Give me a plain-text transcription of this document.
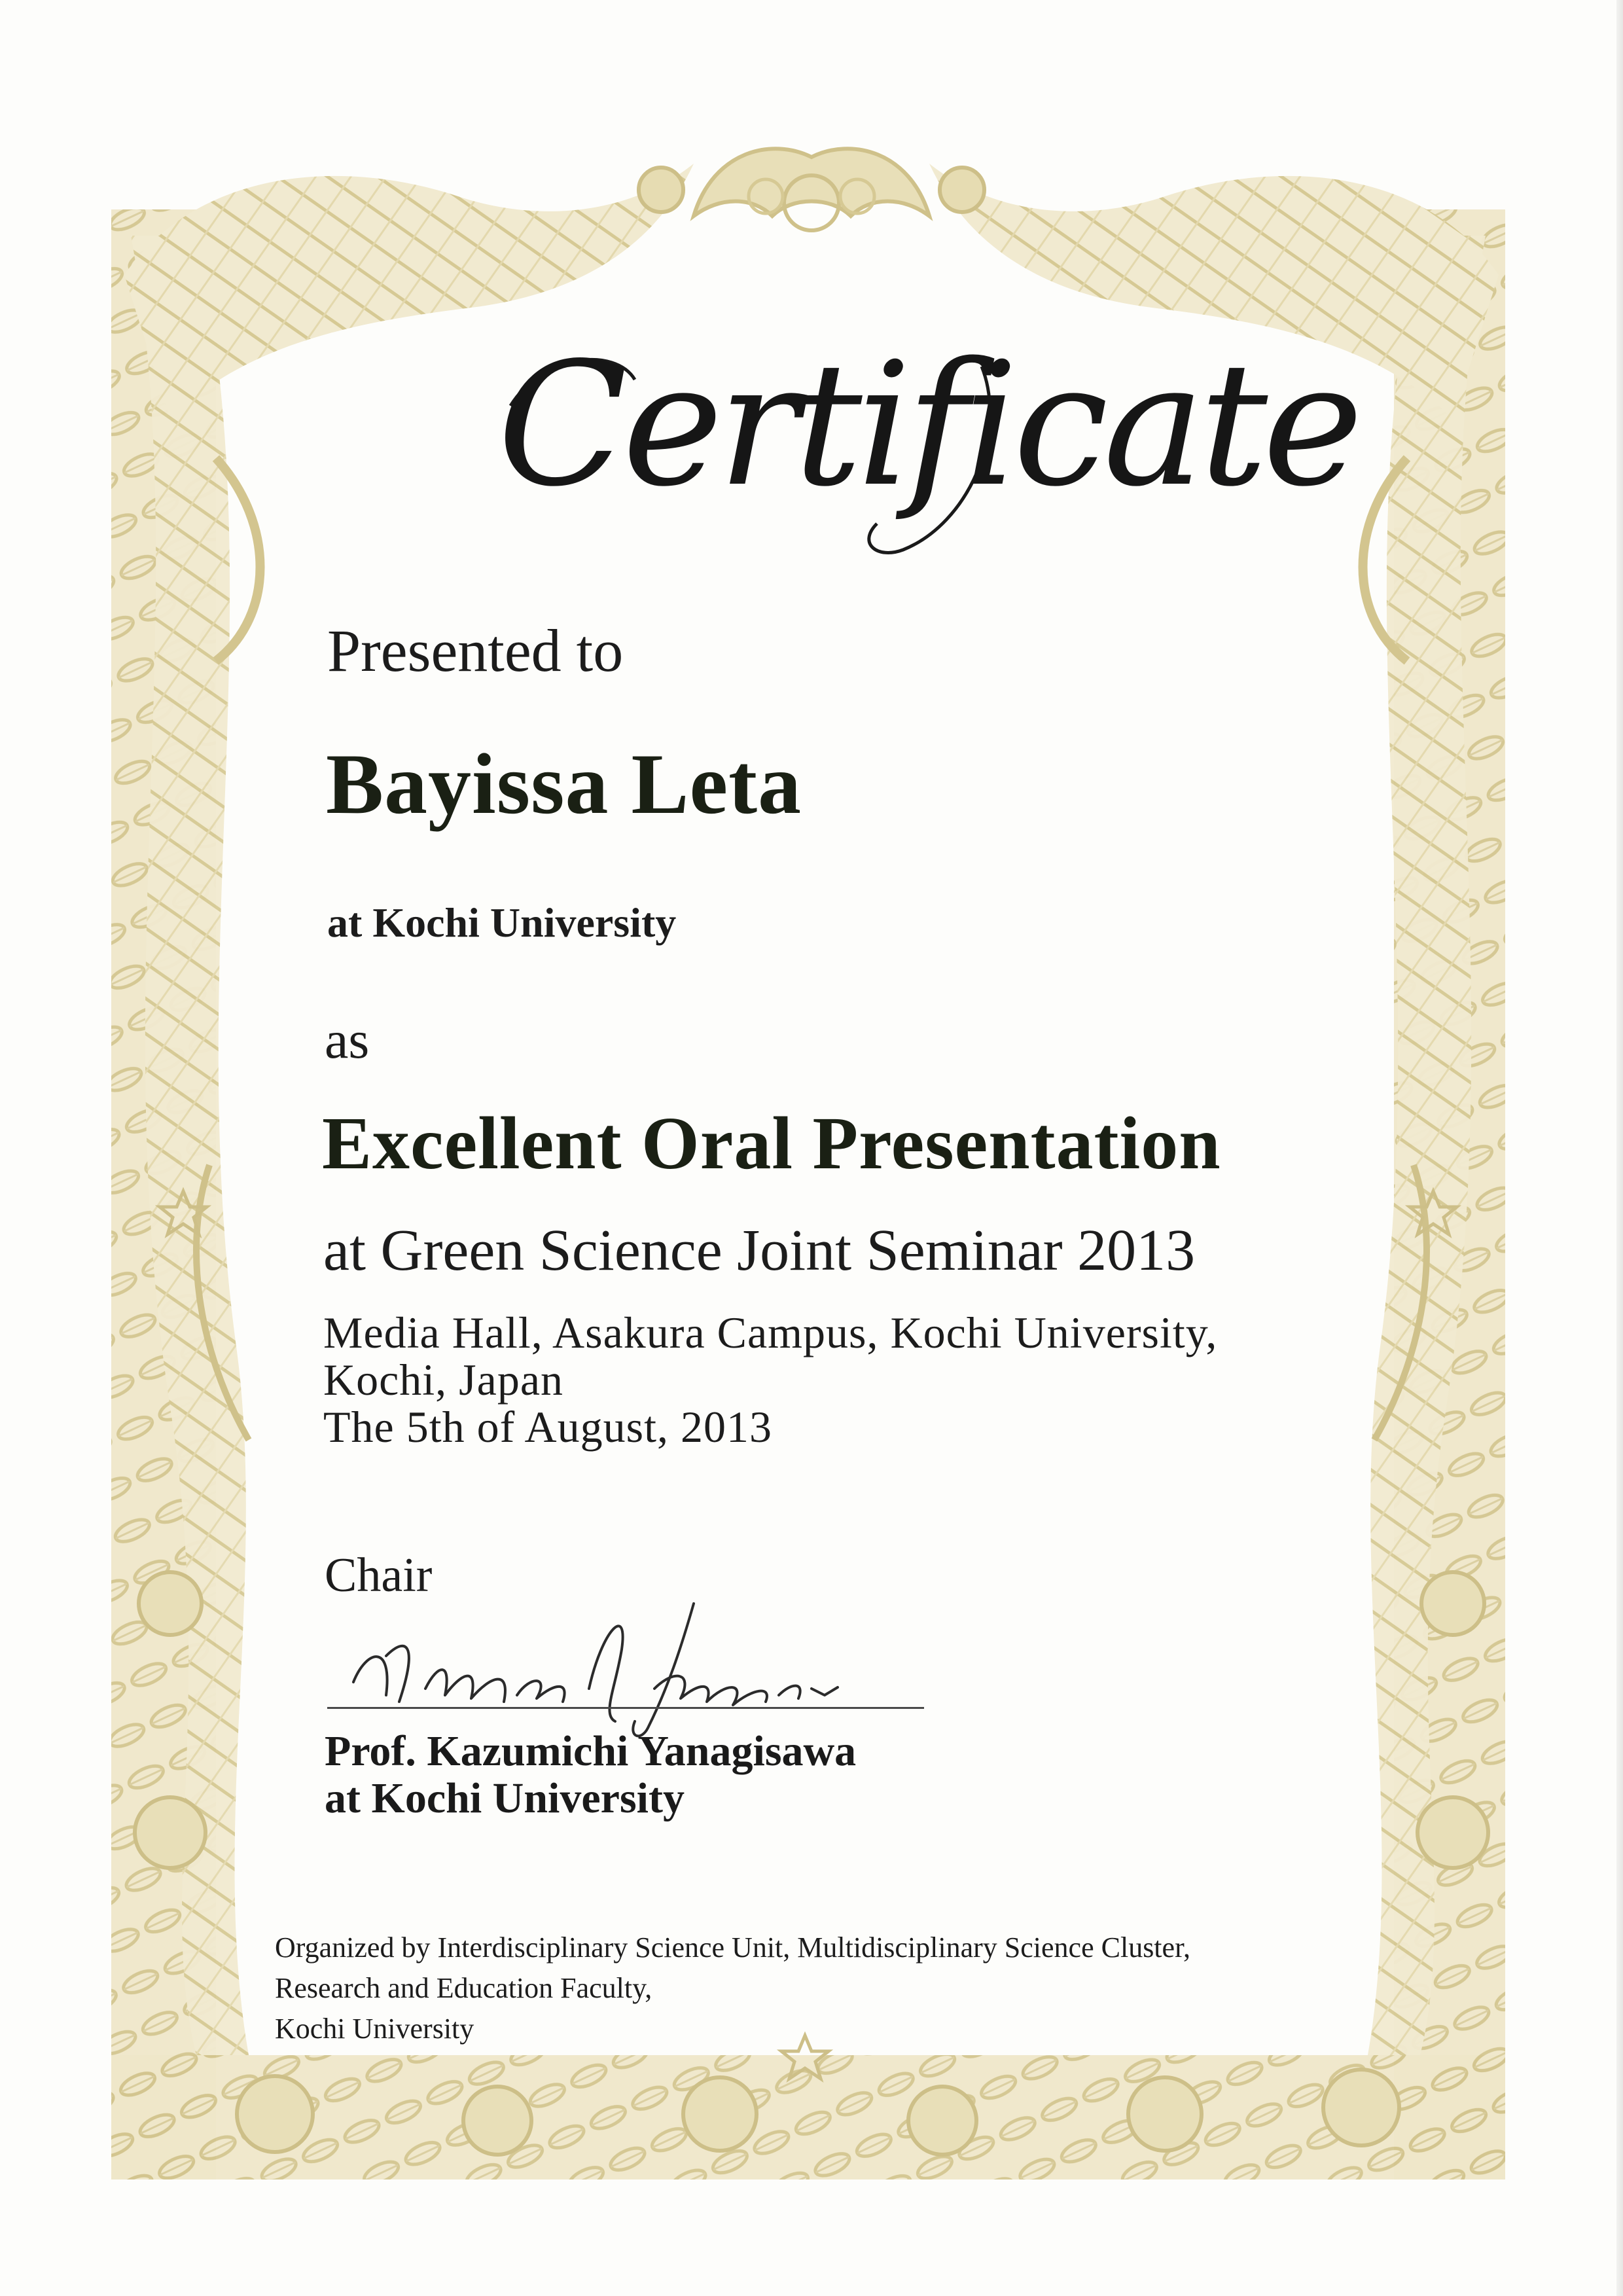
Certificate
Presented to
Bayissa Leta
at Kochi University
as
Excellent Oral Presentation
at Green Science Joint Seminar 2013
Media Hall, Asakura Campus, Kochi University,
Kochi, Japan
The 5th of August, 2013
Chair
Prof. Kazumichi Yanagisawa
at Kochi University
Organized by Interdisciplinary Science Unit, Multidisciplinary Science Cluster,
Research and Education Faculty,
Kochi University
